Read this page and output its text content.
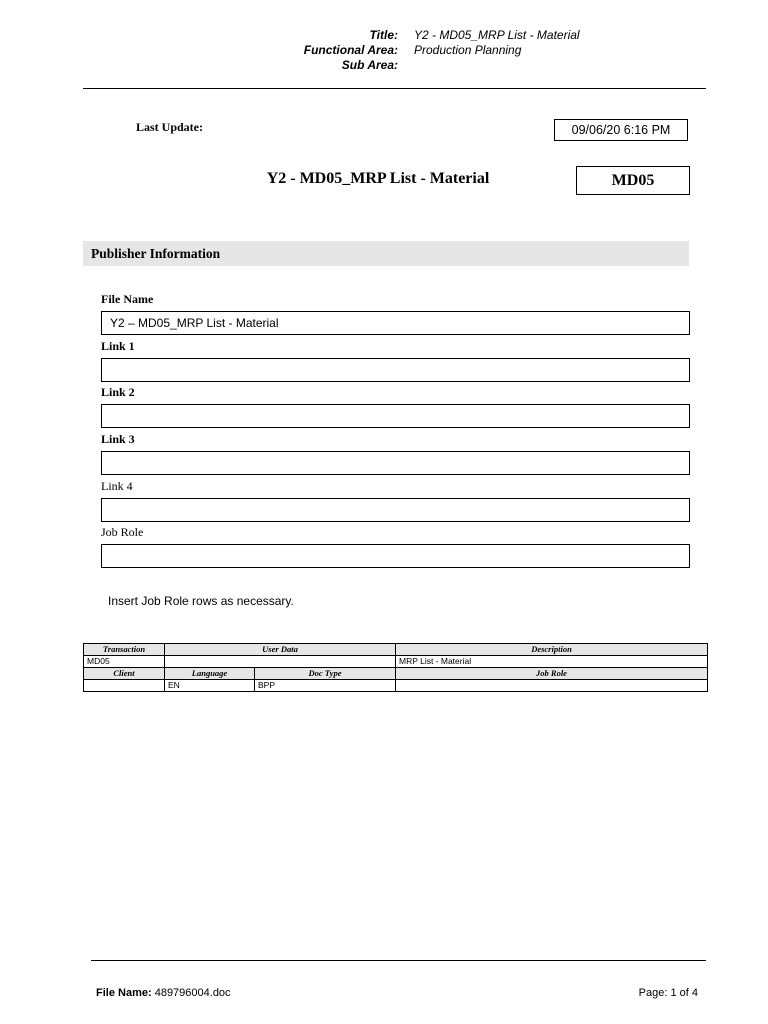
Title: Y2 - MD05_MRP List - Material
Functional Area: Production Planning
Sub Area:
Last Update:	09/06/20 6:16 PM
Y2 - MD05_MRP List - Material	MD05
Publisher Information
File Name
Y2 – MD05_MRP List - Material
Link 1
Link 2
Link 3
Link 4
Job Role
Insert Job Role rows as necessary.
Transaction	User Data		Description
MD05			MRP List - Material
Client	Language	Doc Type	Job Role
	EN	BPP	
File Name: 489796004.doc	Page: 1 of 4
